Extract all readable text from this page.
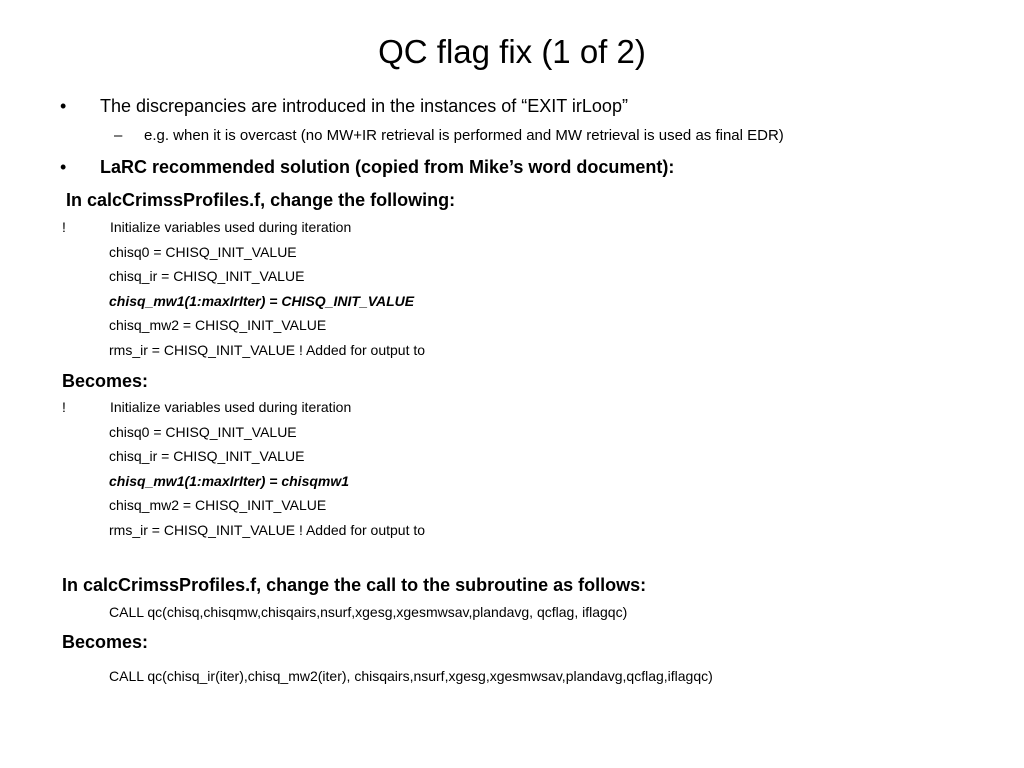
QC flag fix (1 of 2)
• The discrepancies are introduced in the instances of “EXIT irLoop”
– e.g. when it is overcast (no MW+IR retrieval is performed and MW retrieval is used as final EDR)
• LaRC recommended solution (copied from Mike’s word document):
In calcCrimssProfiles.f, change the following:
!	Initialize variables used during iteration
chisq0 = CHISQ_INIT_VALUE
chisq_ir = CHISQ_INIT_VALUE
chisq_mw1(1:maxIrIter) = CHISQ_INIT_VALUE
chisq_mw2 = CHISQ_INIT_VALUE
rms_ir = CHISQ_INIT_VALUE ! Added for output to
Becomes:
!	Initialize variables used during iteration
chisq0 = CHISQ_INIT_VALUE
chisq_ir = CHISQ_INIT_VALUE
chisq_mw1(1:maxIrIter) = chisqmw1
chisq_mw2 = CHISQ_INIT_VALUE
rms_ir = CHISQ_INIT_VALUE ! Added for output to
In calcCrimssProfiles.f, change the call to the subroutine as follows:
CALL qc(chisq,chisqmw,chisqairs,nsurf,xgesg,xgesmwsav,plandavg, qcflag, iflagqc)
Becomes:
CALL qc(chisq_ir(iter),chisq_mw2(iter), chisqairs,nsurf,xgesg,xgesmwsav,plandavg,qcflag,iflagqc)
